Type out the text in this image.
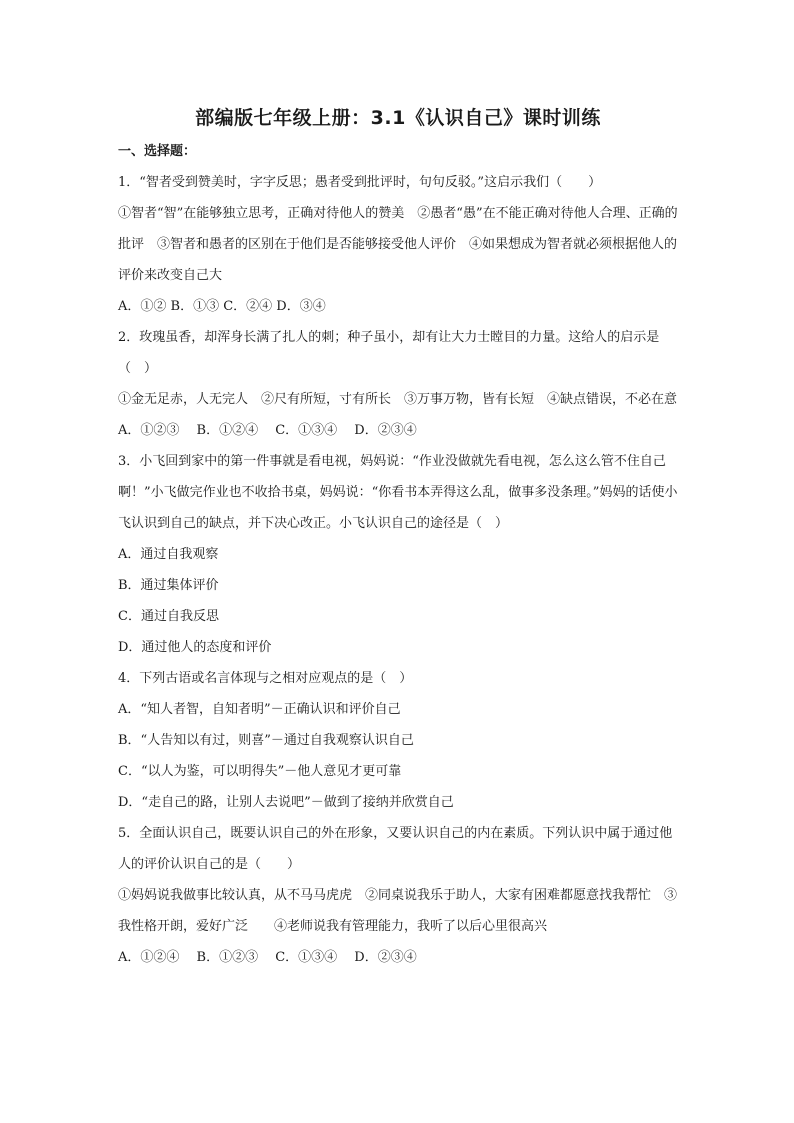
部编版七年级上册：3.1《认识自己》课时训练

一、选择题：

1．“智者受到赞美时，字字反思；愚者受到批评时，句句反驳。”这启示我们（　　）

①智者“智”在能够独立思考，正确对待他人的赞美　②愚者“愚”在不能正确对待他人合理、正确的批评　③智者和愚者的区别在于他们是否能够接受他人评价　④如果想成为智者就必须根据他人的评价来改变自己大

A．①② B．①③ C．②④ D．③④

2．玫瑰虽香，却浑身长满了扎人的刺；种子虽小，却有让大力士瞠目的力量。这给人的启示是（　）

①金无足赤，人无完人　②尺有所短，寸有所长　③万事万物，皆有长短　④缺点错误，不必在意

A．①②③　 B．①②④　 C．①③④　 D．②③④

3．小飞回到家中的第一件事就是看电视，妈妈说：“作业没做就先看电视，怎么这么管不住自己啊！”小飞做完作业也不收拾书桌，妈妈说：“你看书本弄得这么乱，做事多没条理。”妈妈的话使小飞认识到自己的缺点，并下决心改正。小飞认识自己的途径是（　）

A．通过自我观察

B．通过集体评价

C．通过自我反思

D．通过他人的态度和评价

4．下列古语或名言体现与之相对应观点的是（　）

A．“知人者智，自知者明”－正确认识和评价自己

B．“人告知以有过，则喜”－通过自我观察认识自己

C．“以人为鉴，可以明得失”－他人意见才更可靠

D．“走自己的路，让别人去说吧”－做到了接纳并欣赏自己

5．全面认识自己，既要认识自己的外在形象，又要认识自己的内在素质。下列认识中属于通过他人的评价认识自己的是（　　）

①妈妈说我做事比较认真，从不马马虎虎　②同桌说我乐于助人，大家有困难都愿意找我帮忙　③我性格开朗，爱好广泛　　④老师说我有管理能力，我听了以后心里很高兴

A．①②④　 B．①②③　 C．①③④　 D．②③④
